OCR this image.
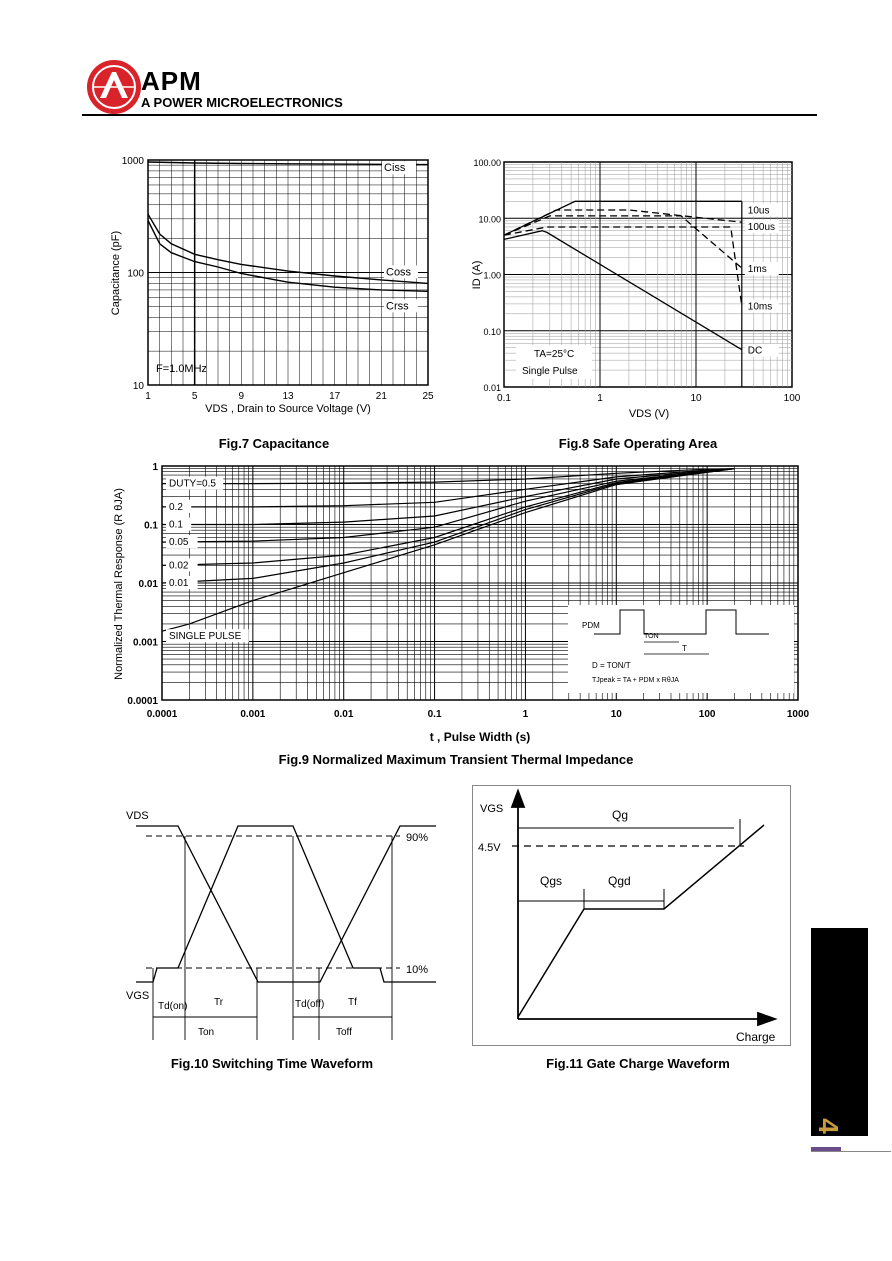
APM
A POWER MICROELECTRONICS
Ciss
Coss
Crss
1	5	9	13	17	21	25
10
100
1000
F=1.0MHz
Capacitance (pF)
VDS , Drain to Source Voltage (V)
Fig.7 Capacitance
10us
100us
1ms
10ms
DC
0.1	1	10	100
100.00
10.00
1.00
0.10
0.01
ID (A)
VDS (V)
TA=25°C
Single Pulse
Fig.8 Safe Operating Area
DUTY=0.5
0.2
0.1
0.05
0.02
0.01
SINGLE PULSE
0.0001	0.001	0.01	0.1	1	10	100	1000
1
0.1
0.01
0.001
0.0001
PDM
TON
T
D = TON/T
TJpeak = TA + PDM x RθJA
Normalized Thermal Response (R θJA)
t , Pulse Width (s)
Fig.9 Normalized Maximum Transient Thermal Impedance
VDS
VGS
90%
10%
Td(on)	Tr	Td(off) Tf
Ton	Toff
Fig.10 Switching Time Waveform
VGS
4.5V
Qg
Qgs	Qgd
Charge
Fig.11 Gate Charge Waveform
4
